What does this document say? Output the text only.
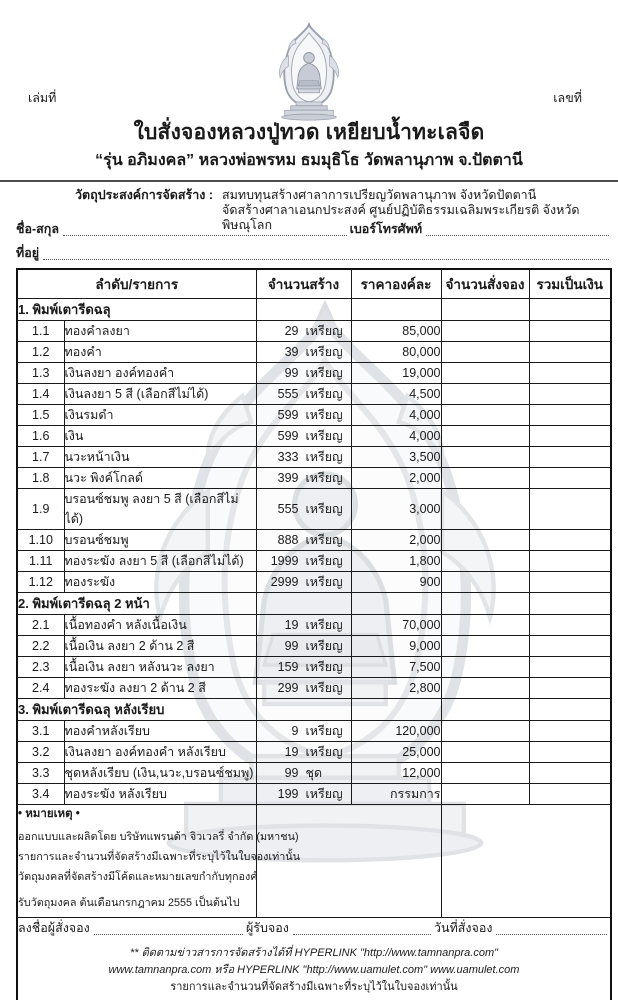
เล่มที่	เลขที่
ใบสั่งจองหลวงปู่ทวด เหยียบน้ำทะเลจืด
“รุ่น อภิมงคล” หลวงพ่อพรหม ธมมุธิโธ วัดพลานุภาพ จ.ปัตตานี
วัตถุประสงค์การจัดสร้าง : สมทบทุนสร้างศาลาการเปรียญวัดพลานุภาพ จังหวัดปัตตานี
จัดสร้างศาลาเอนกประสงค์ ศูนย์ปฏิบัติธรรมเฉลิมพระเกียรติ จังหวัดพิษณุโลก
ชื่อ-สกุล	เบอร์โทรศัพท์
ที่อยู่
ลำดับ/รายการ		จำนวนสร้าง	ราคาองค์ละ	จำนวนสั่งจอง	รวมเป็นเงิน
1. พิมพ์เตารีดฉลุ					
1.1	ทองคำลงยา	29 เหรียญ	85,000		
1.2	ทองคำ	39 เหรียญ	80,000		
1.3	เงินลงยา องค์ทองคำ	99 เหรียญ	19,000		
1.4	เงินลงยา 5 สี (เลือกสีไม่ได้)	555 เหรียญ	4,500		
1.5	เงินรมดำ	599 เหรียญ	4,000		
1.6	เงิน	599 เหรียญ	4,000		
1.7	นวะหน้าเงิน	333 เหรียญ	3,500		
1.8	นวะ พิงค์โกลด์	399 เหรียญ	2,000		
1.9	บรอนซ์ชมพู ลงยา 5 สี (เลือกสีไม่ได้)	555 เหรียญ	3,000		
1.10	บรอนซ์ชมพู	888 เหรียญ	2,000		
1.11	ทองระฆัง ลงยา 5 สี (เลือกสีไม่ได้)	1999 เหรียญ	1,800		
1.12	ทองระฆัง	2999 เหรียญ	900		
2. พิมพ์เตารีดฉลุ 2 หน้า					
2.1	เนื้อทองคำ หลังเนื้อเงิน	19 เหรียญ	70,000		
2.2	เนื้อเงิน ลงยา 2 ด้าน 2 สี	99 เหรียญ	9,000		
2.3	เนื้อเงิน ลงยา หลังนวะ ลงยา	159 เหรียญ	7,500		
2.4	ทองระฆัง ลงยา 2 ด้าน 2 สี	299 เหรียญ	2,800		
3. พิมพ์เตารีดฉลุ หลังเรียบ					
3.1	ทองคำหลังเรียบ	9 เหรียญ	120,000		
3.2	เงินลงยา องค์ทองคำ หลังเรียบ	19 เหรียญ	25,000		
3.3	ชุดหลังเรียบ (เงิน,นวะ,บรอนซ์ชมพู)	99 ชุด	12,000		
3.4	ทองระฆัง หลังเรียบ	199 เหรียญ	กรรมการ		

• หมายเหตุ •
ออกแบบและผลิตโดย บริษัทแพรนด้า จิวเวลรี่ จำกัด (มหาชน)
รายการและจำนวนที่จัดสร้างมีเฉพาะที่ระบุไว้ในใบจองเท่านั้น
วัตถุมงคลที่จัดสร้างมีโค้ดและหมายเลขกำกับทุกองค์
รับวัตถุมงคล ต้นเดือนกรกฎาคม 2555 เป็นต้นไป					

ลงชื่อผู้สั่งจอง	ผู้รับจอง	วันที่สั่งจอง
** ติดตามข่าวสารการจัดสร้างได้ที่ HYPERLINK "http://www.tamnanpra.com"
www.tamnanpra.com หรือ HYPERLINK "http://www.uamulet.com" www.uamulet.com
รายการและจำนวนที่จัดสร้างมีเฉพาะที่ระบุไว้ในใบจองเท่านั้น
